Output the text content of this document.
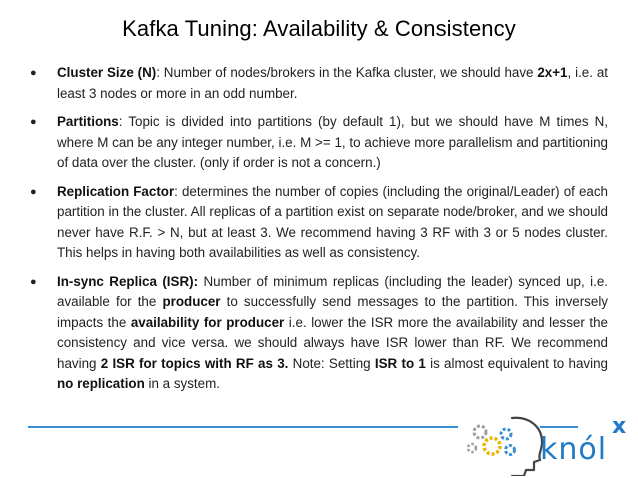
Kafka Tuning: Availability & Consistency
● Cluster Size (N): Number of nodes/brokers in the Kafka cluster, we should have 2x+1, i.e. at least 3 nodes or more in an odd number.
● Partitions: Topic is divided into partitions (by default 1), but we should have M times N, where M can be any integer number, i.e. M >= 1, to achieve more parallelism and partitioning of data over the cluster. (only if order is not a concern.)
● Replication Factor: determines the number of copies (including the original/Leader) of each partition in the cluster. All replicas of a partition exist on separate node/broker, and we should never have R.F. > N, but at least 3. We recommend having 3 RF with 3 or 5 nodes cluster. This helps in having both availabilities as well as consistency.
● In-sync Replica (ISR): Number of minimum replicas (including the leader) synced up, i.e. available for the producer to successfully send messages to the partition. This inversely impacts the availability for producer i.e. lower the ISR more the availability and lesser the consistency and vice versa. we should always have ISR lower than RF. We recommend having 2 ISR for topics with RF as 3. Note: Setting ISR to 1 is almost equivalent to having no replication in a system.
knól
x
